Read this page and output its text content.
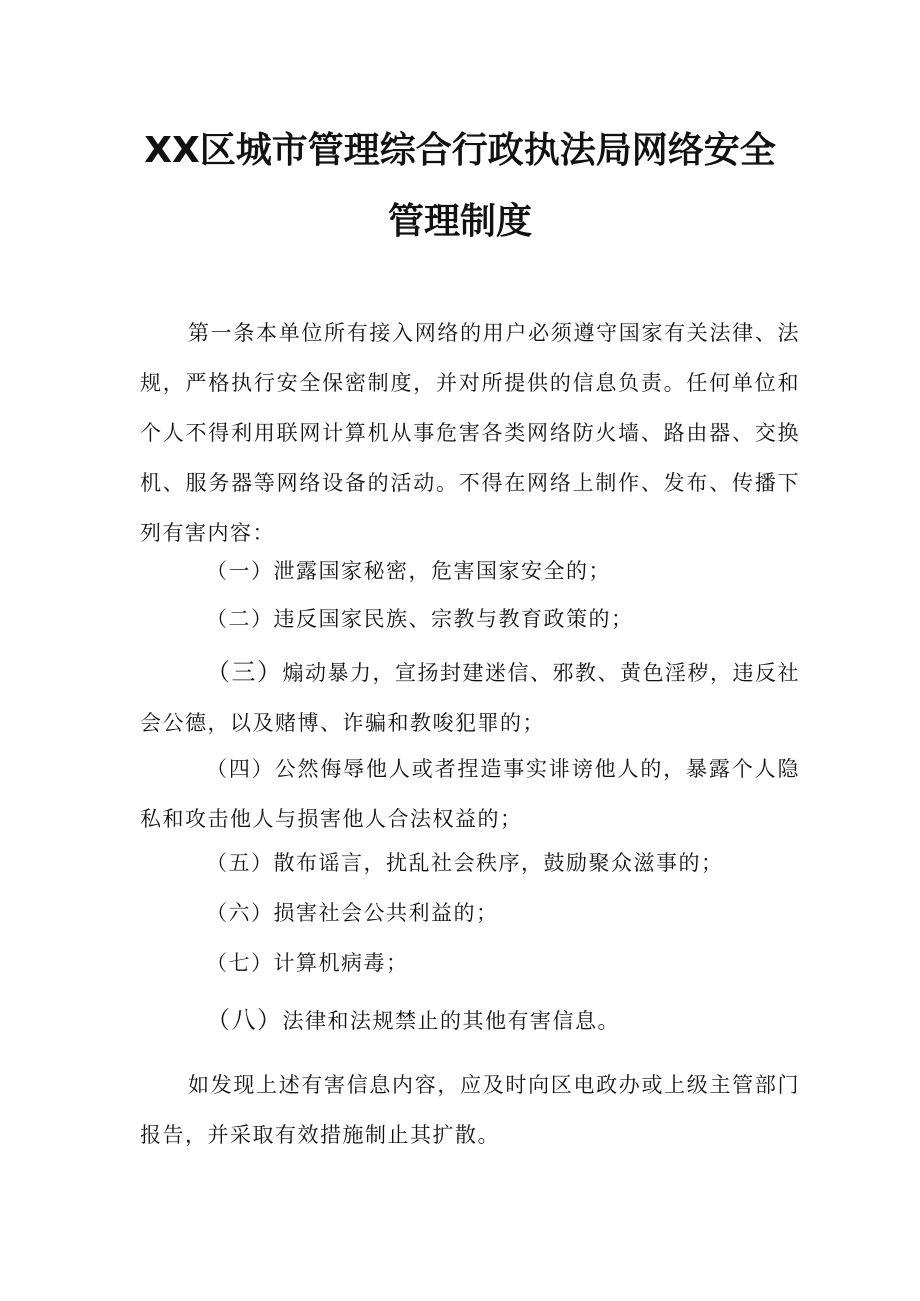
XX区城市管理综合行政执法局网络安全
管理制度

第一条本单位所有接入网络的用户必须遵守国家有关法律、法规，严格执行安全保密制度，并对所提供的信息负责。任何单位和个人不得利用联网计算机从事危害各类网络防火墙、路由器、交换机、服务器等网络设备的活动。不得在网络上制作、发布、传播下列有害内容：

（一）泄露国家秘密，危害国家安全的；

（二）违反国家民族、宗教与教育政策的；

（三）煽动暴力，宣扬封建迷信、邪教、黄色淫秽，违反社会公德，以及赌博、诈骗和教唆犯罪的；

（四）公然侮辱他人或者捏造事实诽谤他人的，暴露个人隐私和攻击他人与损害他人合法权益的；

（五）散布谣言，扰乱社会秩序，鼓励聚众滋事的；

（六）损害社会公共利益的；

（七）计算机病毒；

（八）法律和法规禁止的其他有害信息。

如发现上述有害信息内容，应及时向区电政办或上级主管部门报告，并采取有效措施制止其扩散。
